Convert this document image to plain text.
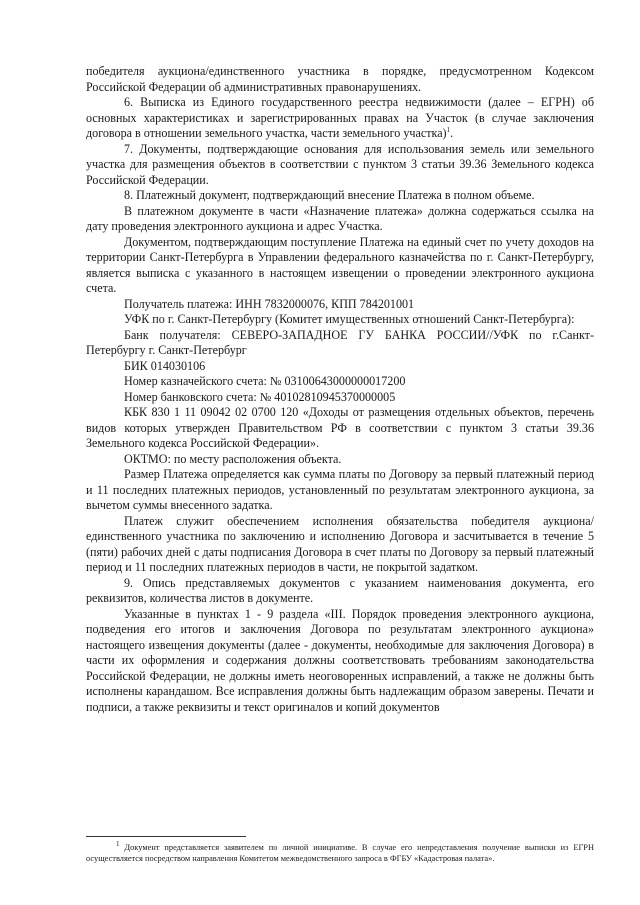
победителя аукциона/единственного участника в порядке, предусмотренном Кодексом Российской Федерации об административных правонарушениях.

6. Выписка из Единого государственного реестра недвижимости (далее – ЕГРН) об основных характеристиках и зарегистрированных правах на Участок (в случае заключения договора в отношении земельного участка, части земельного участка)$^1$.

7. Документы, подтверждающие основания для использования земель или земельного участка для размещения объектов в соответствии с пунктом 3 статьи 39.36 Земельного кодекса Российской Федерации.

8. Платежный документ, подтверждающий внесение Платежа в полном объеме.

В платежном документе в части «Назначение платежа» должна содержаться ссылка на дату проведения электронного аукциона и адрес Участка.

Документом, подтверждающим поступление Платежа на единый счет по учету доходов на территории Санкт-Петербурга в Управлении федерального казначейства по г. Санкт-Петербургу, является выписка с указанного в настоящем извещении о проведении электронного аукциона счета.

Получатель платежа: ИНН 7832000076, КПП 784201001

УФК по г. Санкт-Петербургу (Комитет имущественных отношений Санкт-Петербурга):

Банк получателя: СЕВЕРО-ЗАПАДНОЕ ГУ БАНКА РОССИИ//УФК по г.Санкт-Петербургу г. Санкт-Петербург

БИК 014030106

Номер казначейского счета: № 03100643000000017200

Номер банковского счета: № 40102810945370000005

КБК 830 1 11 09042 02 0700 120 «Доходы от размещения отдельных объектов, перечень видов которых утвержден Правительством РФ в соответствии с пунктом 3 статьи 39.36 Земельного кодекса Российской Федерации».

ОКТМО: по месту расположения объекта.

Размер Платежа определяется как сумма платы по Договору за первый платежный период и 11 последних платежных периодов, установленный по результатам электронного аукциона, за вычетом суммы внесенного задатка.

Платеж служит обеспечением исполнения обязательства победителя аукциона/единственного участника по заключению и исполнению Договора и засчитывается в течение 5 (пяти) рабочих дней с даты подписания Договора в счет платы по Договору за первый платежный период и 11 последних платежных периодов в части, не покрытой задатком.

9. Опись представляемых документов с указанием наименования документа, его реквизитов, количества листов в документе.

Указанные в пунктах 1 - 9 раздела «III. Порядок проведения электронного аукциона, подведения его итогов и заключения Договора по результатам электронного аукциона» настоящего извещения документы (далее - документы, необходимые для заключения Договора) в части их оформления и содержания должны соответствовать требованиям законодательства Российской Федерации, не должны иметь неоговоренных исправлений, а также не должны быть исполнены карандашом. Все исправления должны быть надлежащим образом заверены. Печати и подписи, а также реквизиты и текст оригиналов и копий документов

$^1$ Документ представляется заявителем по личной инициативе. В случае его непредставления получение выписки из ЕГРН осуществляется посредством направления Комитетом межведомственного запроса в ФГБУ «Кадастровая палата».
